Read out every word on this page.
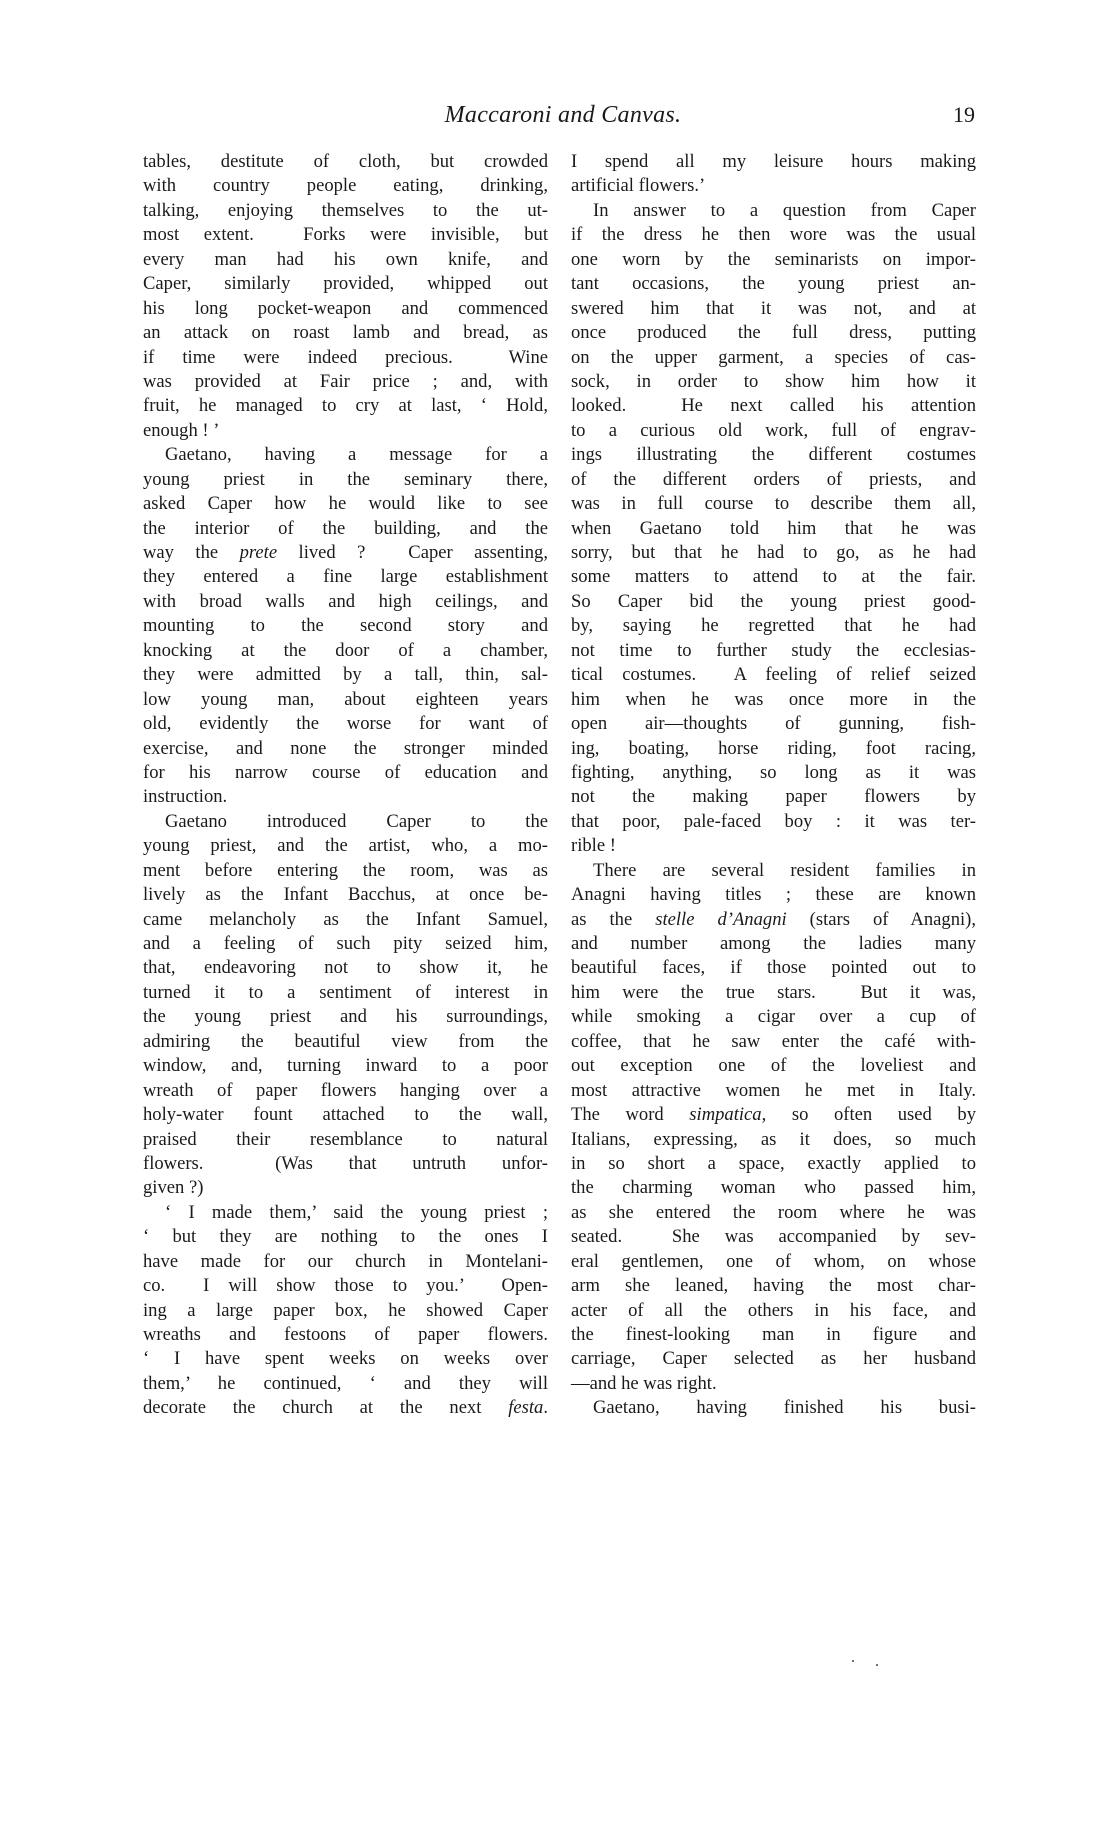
Maccaroni and Canvas.	19
tables, destitute of cloth, but crowded
with country people eating, drinking,
talking, enjoying themselves to the ut-
most extent.  Forks were invisible, but
every man had his own knife, and
Caper, similarly provided, whipped out
his long pocket-weapon and commenced
an attack on roast lamb and bread, as
if time were indeed precious.  Wine
was provided at Fair price ; and, with
fruit, he managed to cry at last, ‘ Hold,
enough ! ’
Gaetano, having a message for a
young priest in the seminary there,
asked Caper how he would like to see
the interior of the building, and the
way the prete lived ?  Caper assenting,
they entered a fine large establishment
with broad walls and high ceilings, and
mounting to the second story and
knocking at the door of a chamber,
they were admitted by a tall, thin, sal-
low young man, about eighteen years
old, evidently the worse for want of
exercise, and none the stronger minded
for his narrow course of education and
instruction.
Gaetano introduced Caper to the
young priest, and the artist, who, a mo-
ment before entering the room, was as
lively as the Infant Bacchus, at once be-
came melancholy as the Infant Samuel,
and a feeling of such pity seized him,
that, endeavoring not to show it, he
turned it to a sentiment of interest in
the young priest and his surroundings,
admiring the beautiful view from the
window, and, turning inward to a poor
wreath of paper flowers hanging over a
holy-water fount attached to the wall,
praised their resemblance to natural
flowers.  (Was that untruth unfor-
given ?)
‘ I made them,’ said the young priest ;
‘ but they are nothing to the ones I
have made for our church in Montelani-
co.  I will show those to you.’  Open-
ing a large paper box, he showed Caper
wreaths and festoons of paper flowers.
‘ I have spent weeks on weeks over
them,’ he continued, ‘ and they will
decorate the church at the next festa.
I spend all my leisure hours making
artificial flowers.’
In answer to a question from Caper
if the dress he then wore was the usual
one worn by the seminarists on impor-
tant occasions, the young priest an-
swered him that it was not, and at
once produced the full dress, putting
on the upper garment, a species of cas-
sock, in order to show him how it
looked.  He next called his attention
to a curious old work, full of engrav-
ings illustrating the different costumes
of the different orders of priests, and
was in full course to describe them all,
when Gaetano told him that he was
sorry, but that he had to go, as he had
some matters to attend to at the fair.
So Caper bid the young priest good-
by, saying he regretted that he had
not time to further study the ecclesias-
tical costumes.  A feeling of relief seized
him when he was once more in the
open air—thoughts of gunning, fish-
ing, boating, horse riding, foot racing,
fighting, anything, so long as it was
not the making paper flowers by
that poor, pale-faced boy : it was ter-
rible !
There are several resident families in
Anagni having titles ; these are known
as the stelle d’Anagni (stars of Anagni),
and number among the ladies many
beautiful faces, if those pointed out to
him were the true stars.  But it was,
while smoking a cigar over a cup of
coffee, that he saw enter the café with-
out exception one of the loveliest and
most attractive women he met in Italy.
The word simpatica, so often used by
Italians, expressing, as it does, so much
in so short a space, exactly applied to
the charming woman who passed him,
as she entered the room where he was
seated.  She was accompanied by sev-
eral gentlemen, one of whom, on whose
arm she leaned, having the most char-
acter of all the others in his face, and
the finest-looking man in figure and
carriage, Caper selected as her husband
—and he was right.
Gaetano, having finished his busi-
